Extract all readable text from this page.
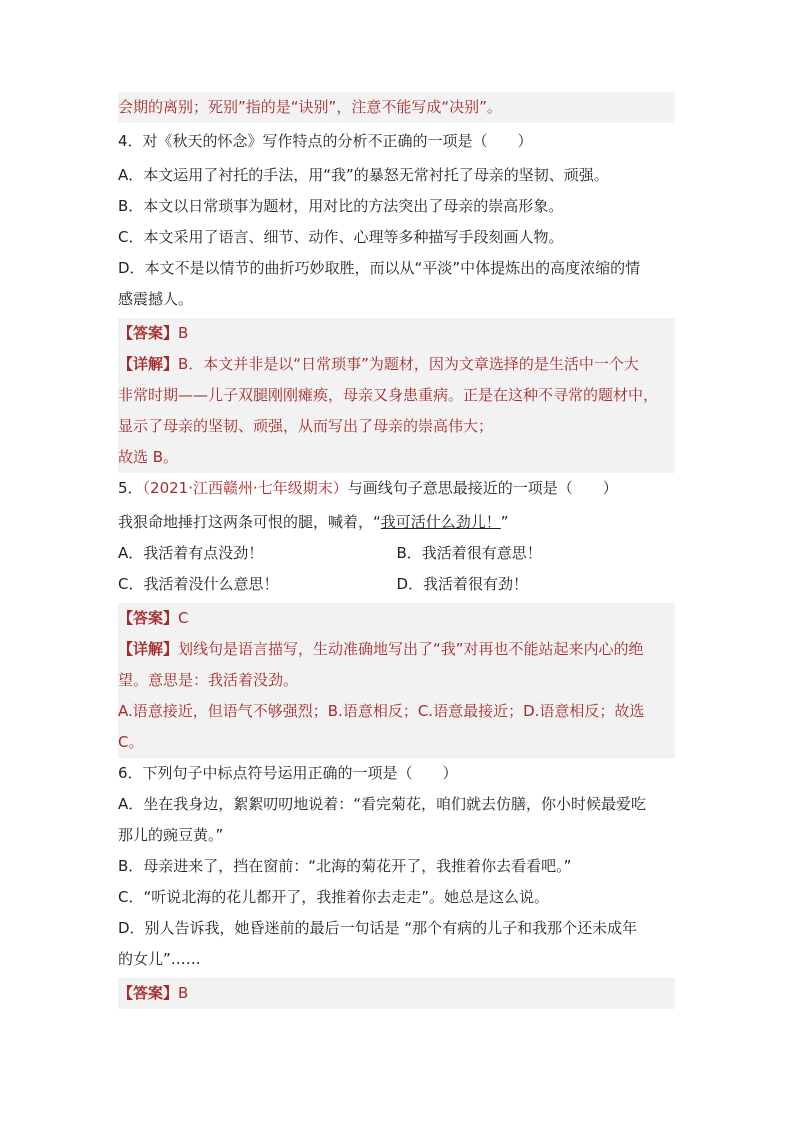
会期的离别；死别”指的是“诀别”，注意不能写成“决别”。
4．对《秋天的怀念》写作特点的分析不正确的一项是（　　）
A．本文运用了衬托的手法，用“我”的暴怒无常衬托了母亲的坚韧、顽强。
B．本文以日常琐事为题材，用对比的方法突出了母亲的崇高形象。
C．本文采用了语言、细节、动作、心理等多种描写手段刻画人物。
D．本文不是以情节的曲折巧妙取胜，而以从“平淡”中体提炼出的高度浓缩的情
感震撼人。
【答案】B
【详解】B．本文并非是以“日常琐事”为题材，因为文章选择的是生活中一个大
非常时期——儿子双腿刚刚瘫痪，母亲又身患重病。正是在这种不寻常的题材中，
显示了母亲的坚韧、顽强，从而写出了母亲的崇高伟大；
故选 B。
5．（2021·江西赣州·七年级期末）与画线句子意思最接近的一项是（　　）
我狠命地捶打这两条可恨的腿，喊着，“我可活什么劲儿！”
A．我活着有点没劲！	B．我活着很有意思！
C．我活着没什么意思！	D．我活着很有劲！
【答案】C
【详解】划线句是语言描写，生动准确地写出了“我”对再也不能站起来内心的绝
望。意思是：我活着没劲。
A.语意接近，但语气不够强烈；B.语意相反；C.语意最接近；D.语意相反；故选
C。
6．下列句子中标点符号运用正确的一项是（　　）
A．坐在我身边，絮絮叨叨地说着：“看完菊花，咱们就去仿膳，你小时候最爱吃
那儿的豌豆黄。”
B．母亲进来了，挡在窗前：“北海的菊花开了，我推着你去看看吧。”
C．“听说北海的花儿都开了，我推着你去走走”。她总是这么说。
D．别人告诉我，她昏迷前的最后一句话是 “那个有病的儿子和我那个还未成年
的女儿”……
【答案】B
